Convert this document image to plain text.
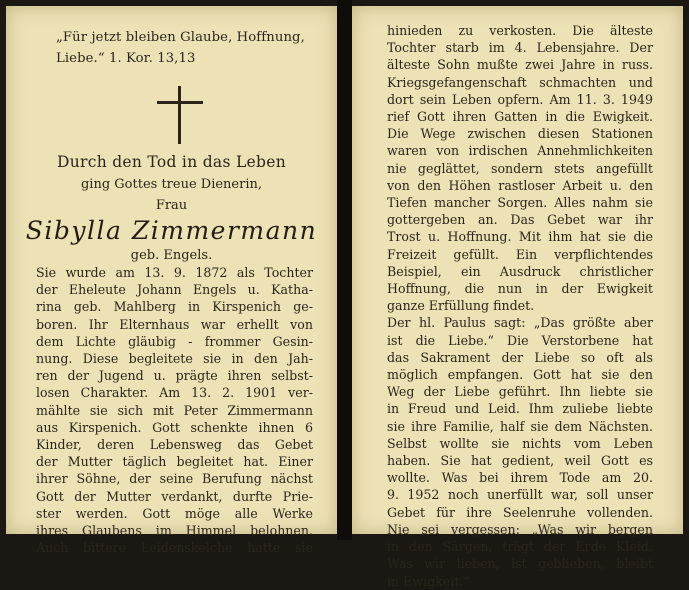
„Für jetzt bleiben Glaube, Hoffnung,
Liebe.“ 1. Kor. 13,13
Durch den Tod in das Leben
ging Gottes treue Dienerin,
Frau
Sibylla Zimmermann
geb. Engels.
Sie wurde am 13. 9. 1872 als Tochter
der Eheleute Johann Engels u. Katha-
rina geb. Mahlberg in Kirspenich ge-
boren. Ihr Elternhaus war erhellt von
dem Lichte gläubig - frommer Gesin-
nung. Diese begleitete sie in den Jah-
ren der Jugend u. prägte ihren selbst-
losen Charakter. Am 13. 2. 1901 ver-
mählte sie sich mit Peter Zimmermann
aus Kirspenich. Gott schenkte ihnen 6
Kinder, deren Lebensweg das Gebet
der Mutter täglich begleitet hat. Einer
ihrer Söhne, der seine Berufung nächst
Gott der Mutter verdankt, durfte Prie-
ster werden. Gott möge alle Werke
ihres Glaubens im Himmel belohnen.
Auch bittere Leidenskelche hatte sie
hinieden zu verkosten. Die älteste
Tochter starb im 4. Lebensjahre. Der
älteste Sohn mußte zwei Jahre in russ.
Kriegsgefangenschaft schmachten und
dort sein Leben opfern. Am 11. 3. 1949
rief Gott ihren Gatten in die Ewigkeit.
Die Wege zwischen diesen Stationen
waren von irdischen Annehmlichkeiten
nie geglättet, sondern stets angefüllt
von den Höhen rastloser Arbeit u. den
Tiefen mancher Sorgen. Alles nahm sie
gottergeben an. Das Gebet war ihr
Trost u. Hoffnung. Mit ihm hat sie die
Freizeit gefüllt. Ein verpflichtendes
Beispiel, ein Ausdruck christlicher
Hoffnung, die nun in der Ewigkeit
ganze Erfüllung findet.
Der hl. Paulus sagt: „Das größte aber
ist die Liebe.“ Die Verstorbene hat
das Sakrament der Liebe so oft als
möglich empfangen. Gott hat sie den
Weg der Liebe geführt. Ihn liebte sie
in Freud und Leid. Ihm zuliebe liebte
sie ihre Familie, half sie dem Nächsten.
Selbst wollte sie nichts vom Leben
haben. Sie hat gedient, weil Gott es
wollte. Was bei ihrem Tode am 20.
9. 1952 noch unerfüllt war, soll unser
Gebet für ihre Seelenruhe vollenden.
Nie sei vergessen: „Was wir bergen
in den Särgen, trägt der Erde Kleid.
Was wir lieben, ist geblieben, bleibt
in Ewigkeit.“
